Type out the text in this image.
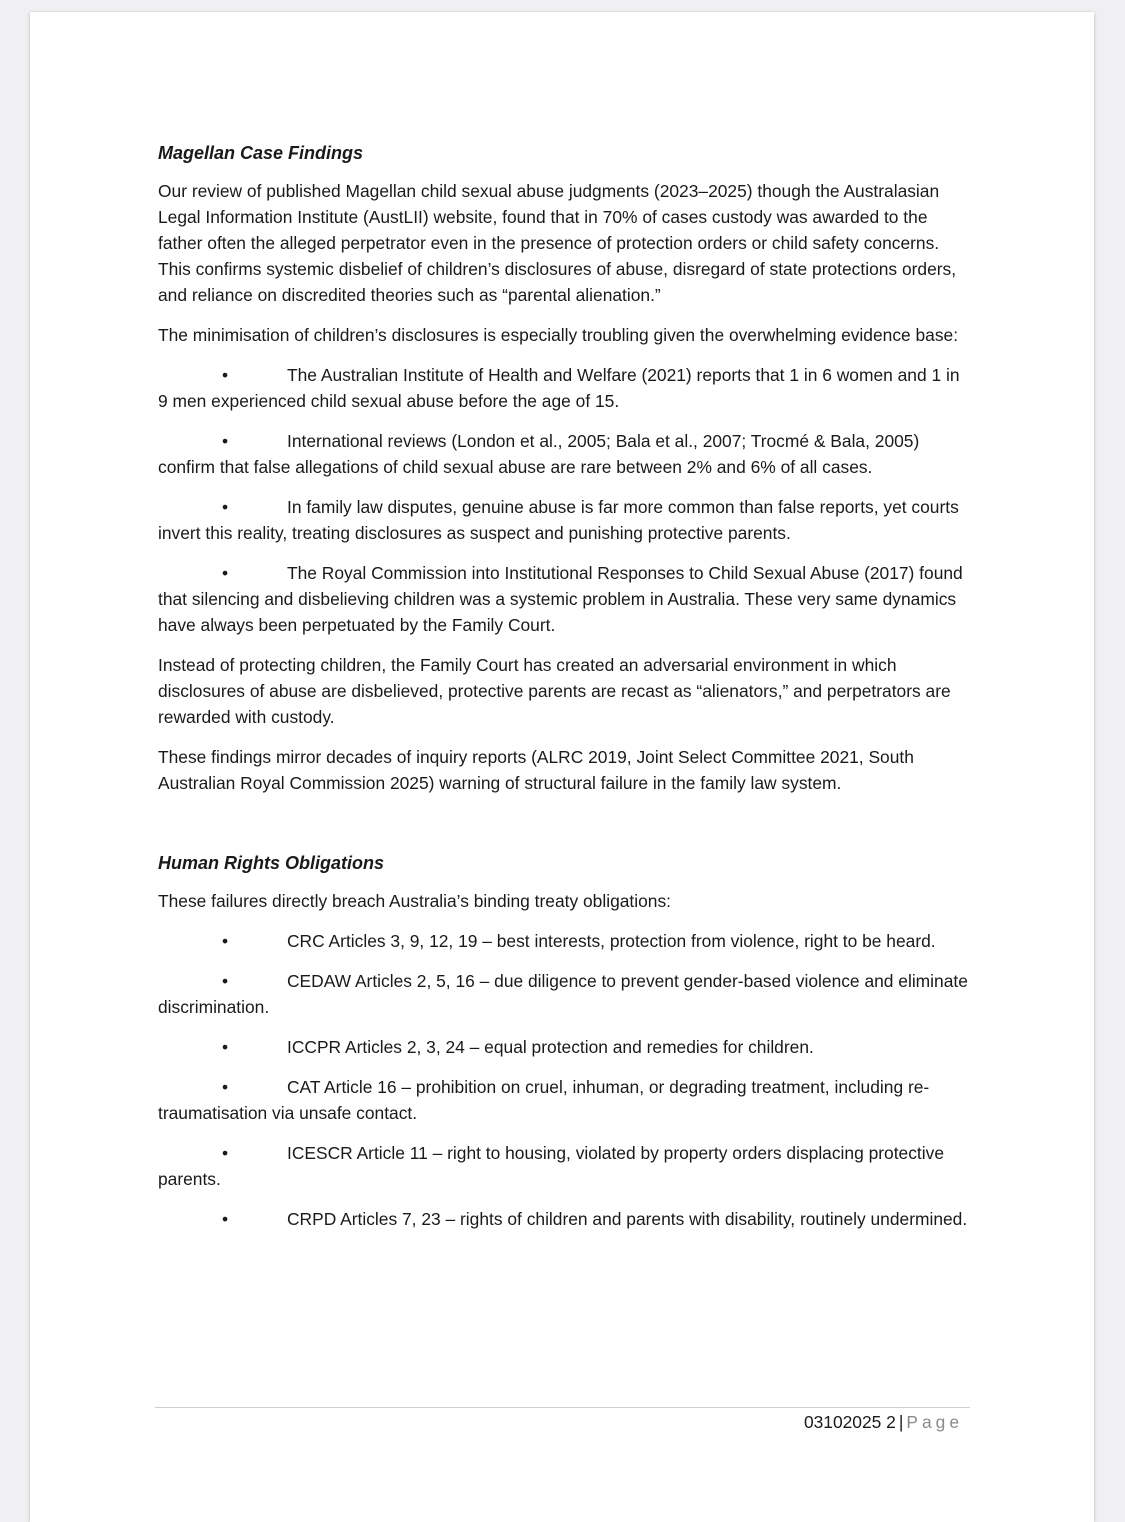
Magellan Case Findings

Our review of published Magellan child sexual abuse judgments (2023–2025) though the Australasian Legal Information Institute (AustLII) website, found that in 70% of cases custody was awarded to the father often the alleged perpetrator even in the presence of protection orders or child safety concerns. This confirms systemic disbelief of children’s disclosures of abuse, disregard of state protections orders, and reliance on discredited theories such as “parental alienation.”

The minimisation of children’s disclosures is especially troubling given the overwhelming evidence base:

•	The Australian Institute of Health and Welfare (2021) reports that 1 in 6 women and 1 in 9 men experienced child sexual abuse before the age of 15.
•	International reviews (London et al., 2005; Bala et al., 2007; Trocmé & Bala, 2005) confirm that false allegations of child sexual abuse are rare between 2% and 6% of all cases.
•	In family law disputes, genuine abuse is far more common than false reports, yet courts invert this reality, treating disclosures as suspect and punishing protective parents.
•	The Royal Commission into Institutional Responses to Child Sexual Abuse (2017) found that silencing and disbelieving children was a systemic problem in Australia. These very same dynamics have always been perpetuated by the Family Court.

Instead of protecting children, the Family Court has created an adversarial environment in which disclosures of abuse are disbelieved, protective parents are recast as “alienators,” and perpetrators are rewarded with custody.

These findings mirror decades of inquiry reports (ALRC 2019, Joint Select Committee 2021, South Australian Royal Commission 2025) warning of structural failure in the family law system.

Human Rights Obligations

These failures directly breach Australia’s binding treaty obligations:

•	CRC Articles 3, 9, 12, 19 – best interests, protection from violence, right to be heard.
•	CEDAW Articles 2, 5, 16 – due diligence to prevent gender-based violence and eliminate discrimination.
•	ICCPR Articles 2, 3, 24 – equal protection and remedies for children.
•	CAT Article 16 – prohibition on cruel, inhuman, or degrading treatment, including re-traumatisation via unsafe contact.
•	ICESCR Article 11 – right to housing, violated by property orders displacing protective parents.
•	CRPD Articles 7, 23 – rights of children and parents with disability, routinely undermined.
03102025 2 | Page
